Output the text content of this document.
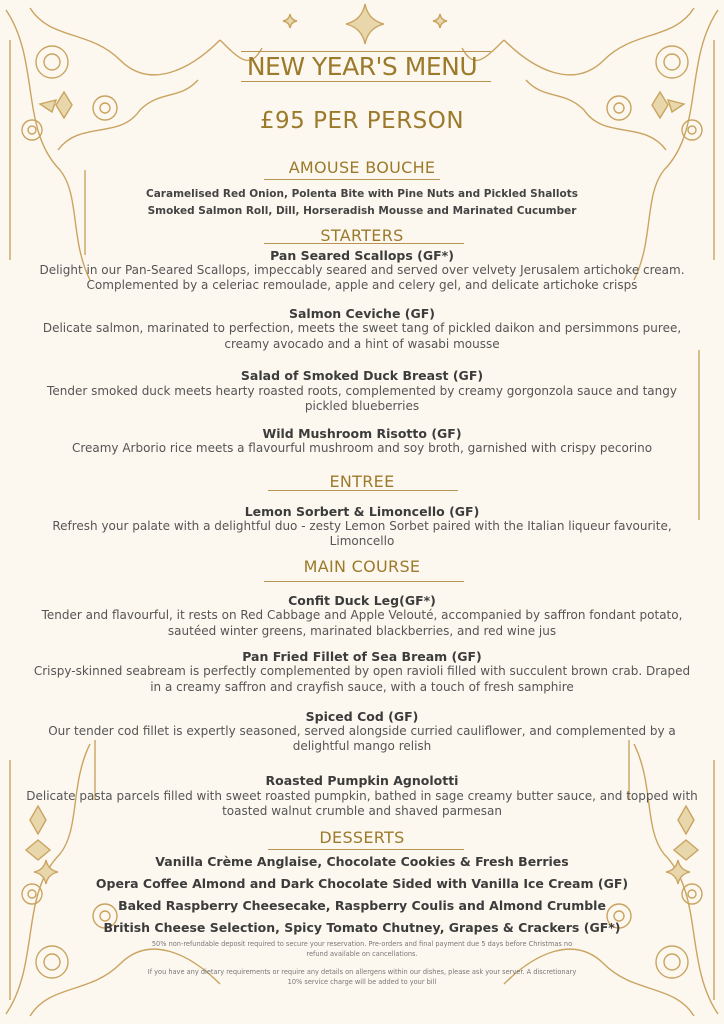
NEW YEAR'S MENU
£95 PER PERSON
AMOUSE BOUCHE
Caramelised Red Onion, Polenta Bite with Pine Nuts and Pickled Shallots
Smoked Salmon Roll, Dill, Horseradish Mousse and Marinated Cucumber
STARTERS
Pan Seared Scallops (GF*)
Delight in our Pan-Seared Scallops, impeccably seared and served over velvety Jerusalem artichoke cream.
Complemented by a celeriac remoulade, apple and celery gel, and delicate artichoke crisps
Salmon Ceviche (GF)
Delicate salmon, marinated to perfection, meets the sweet tang of pickled daikon and persimmons puree,
creamy avocado and a hint of wasabi mousse
Salad of Smoked Duck Breast (GF)
Tender smoked duck meets hearty roasted roots, complemented by creamy gorgonzola sauce and tangy
pickled blueberries
Wild Mushroom Risotto (GF)
Creamy Arborio rice meets a flavourful mushroom and soy broth, garnished with crispy pecorino
ENTREE
Lemon Sorbert & Limoncello (GF)
Refresh your palate with a delightful duo - zesty Lemon Sorbet paired with the Italian liqueur favourite,
Limoncello
MAIN COURSE
Confit Duck Leg(GF*)
Tender and flavourful, it rests on Red Cabbage and Apple Velouté, accompanied by saffron fondant potato,
sautéed winter greens, marinated blackberries, and red wine jus
Pan Fried Fillet of Sea Bream (GF)
Crispy-skinned seabream is perfectly complemented by open ravioli filled with succulent brown crab. Draped
in a creamy saffron and crayfish sauce, with a touch of fresh samphire
Spiced Cod (GF)
Our tender cod fillet is expertly seasoned, served alongside curried cauliflower, and complemented by a
delightful mango relish
Roasted Pumpkin Agnolotti
Delicate pasta parcels filled with sweet roasted pumpkin, bathed in sage creamy butter sauce, and topped with
toasted walnut crumble and shaved parmesan
DESSERTS
Vanilla Crème Anglaise, Chocolate Cookies & Fresh Berries
Opera Coffee Almond and Dark Chocolate Sided with Vanilla Ice Cream (GF)
Baked Raspberry Cheesecake, Raspberry Coulis and Almond Crumble
British Cheese Selection, Spicy Tomato Chutney, Grapes & Crackers (GF*)
50% non-refundable deposit required to secure your reservation. Pre-orders and final payment due 5 days before Christmas no
refund available on cancellations.
If you have any dietary requirements or require any details on allergens within our dishes, please ask your server. A discretionary
10% service charge will be added to your bill
